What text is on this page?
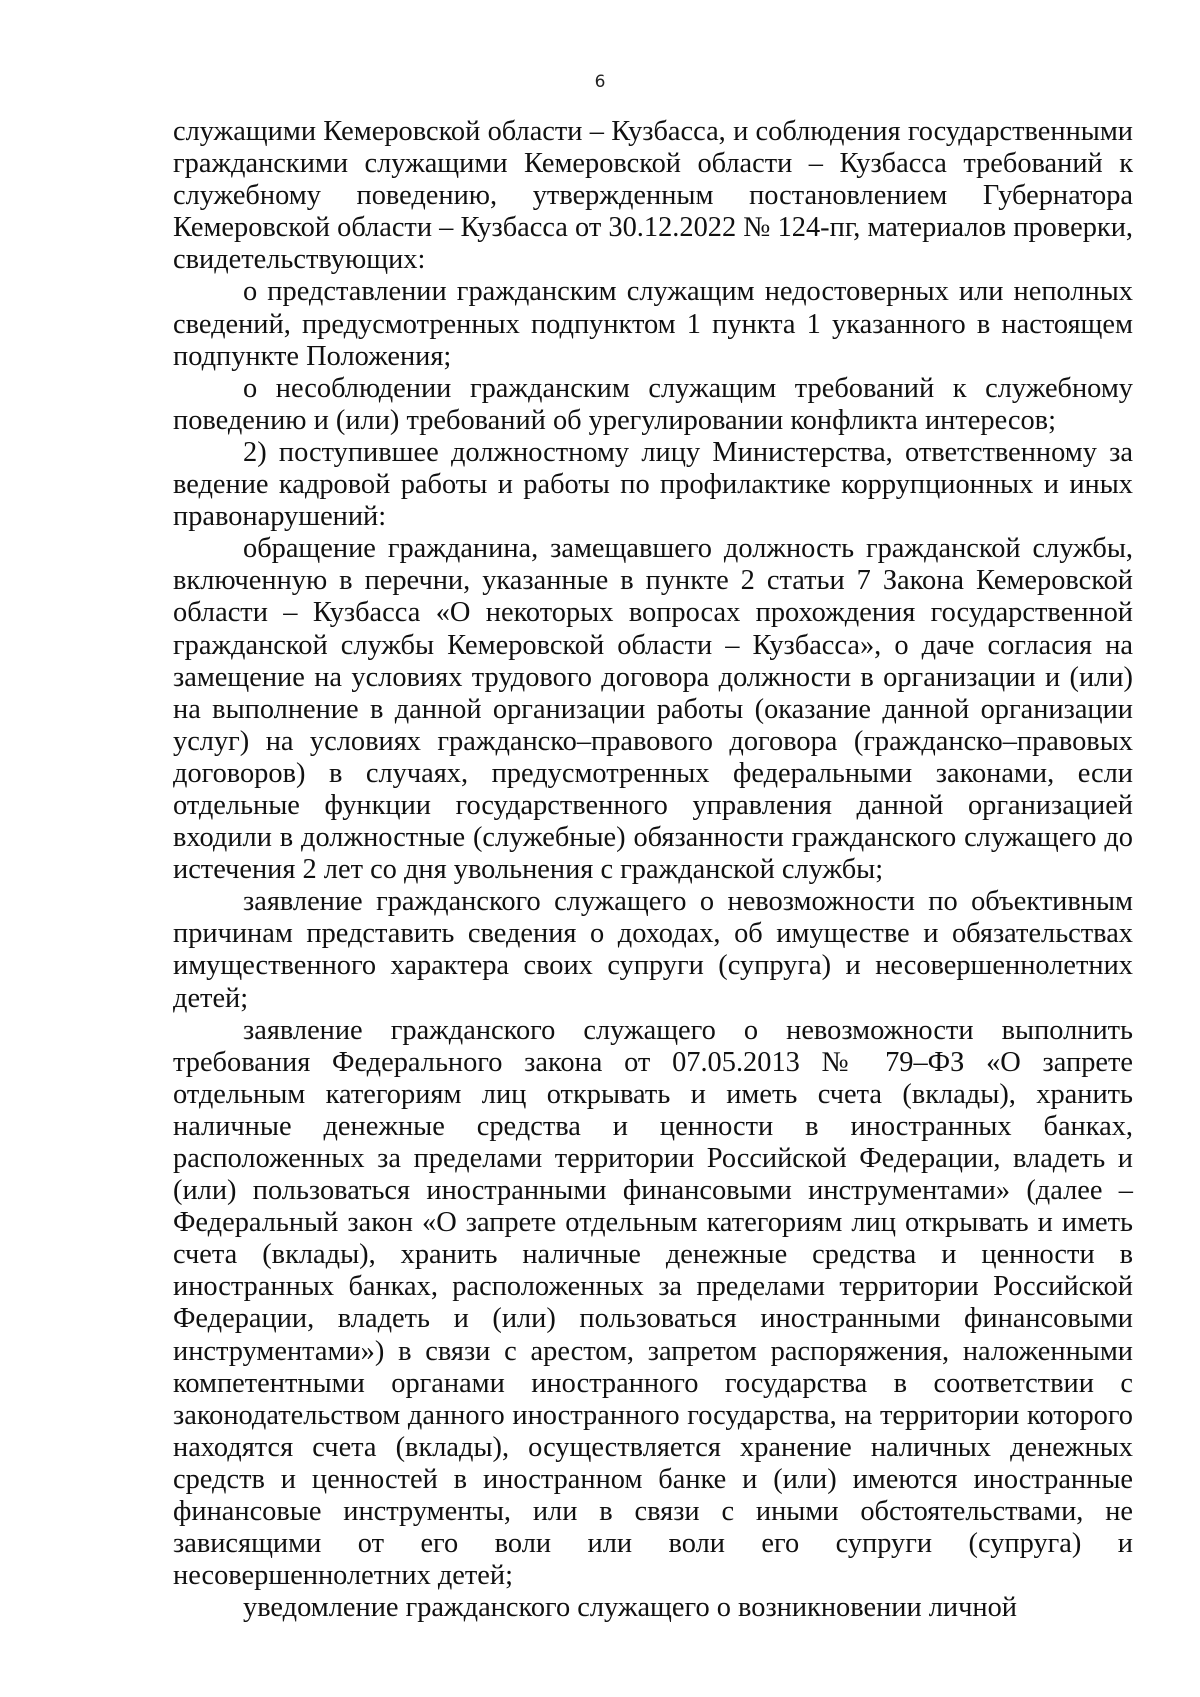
6

служащими Кемеровской области – Кузбасса, и соблюдения государственными гражданскими служащими Кемеровской области – Кузбасса требований к служебному поведению, утвержденным постановлением Губернатора Кемеровской области – Кузбасса от 30.12.2022 № 124-пг, материалов проверки, свидетельствующих:

о представлении гражданским служащим недостоверных или неполных сведений, предусмотренных подпунктом 1 пункта 1 указанного в настоящем подпункте Положения;

о несоблюдении гражданским служащим требований к служебному поведению и (или) требований об урегулировании конфликта интересов;

2) поступившее должностному лицу Министерства, ответственному за ведение кадровой работы и работы по профилактике коррупционных и иных правонарушений:

обращение гражданина, замещавшего должность гражданской службы, включенную в перечни, указанные в пункте 2 статьи 7 Закона Кемеровской области – Кузбасса «О некоторых вопросах прохождения государственной гражданской службы Кемеровской области – Кузбасса», о даче согласия на замещение на условиях трудового договора должности в организации и (или) на выполнение в данной организации работы (оказание данной организации услуг) на условиях гражданско–правового договора (гражданско–правовых договоров) в случаях, предусмотренных федеральными законами, если отдельные функции государственного управления данной организацией входили в должностные (служебные) обязанности гражданского служащего до истечения 2 лет со дня увольнения с гражданской службы;

заявление гражданского служащего о невозможности по объективным причинам представить сведения о доходах, об имуществе и обязательствах имущественного характера своих супруги (супруга) и несовершеннолетних детей;

заявление гражданского служащего о невозможности выполнить требования Федерального закона от 07.05.2013 № 79–ФЗ «О запрете отдельным категориям лиц открывать и иметь счета (вклады), хранить наличные денежные средства и ценности в иностранных банках, расположенных за пределами территории Российской Федерации, владеть и (или) пользоваться иностранными финансовыми инструментами» (далее – Федеральный закон «О запрете отдельным категориям лиц открывать и иметь счета (вклады), хранить наличные денежные средства и ценности в иностранных банках, расположенных за пределами территории Российской Федерации, владеть и (или) пользоваться иностранными финансовыми инструментами») в связи с арестом, запретом распоряжения, наложенными компетентными органами иностранного государства в соответствии с законодательством данного иностранного государства, на территории которого находятся счета (вклады), осуществляется хранение наличных денежных средств и ценностей в иностранном банке и (или) имеются иностранные финансовые инструменты, или в связи с иными обстоятельствами, не зависящими от его воли или воли его супруги (супруга) и несовершеннолетних детей;

уведомление гражданского служащего о возникновении личной
